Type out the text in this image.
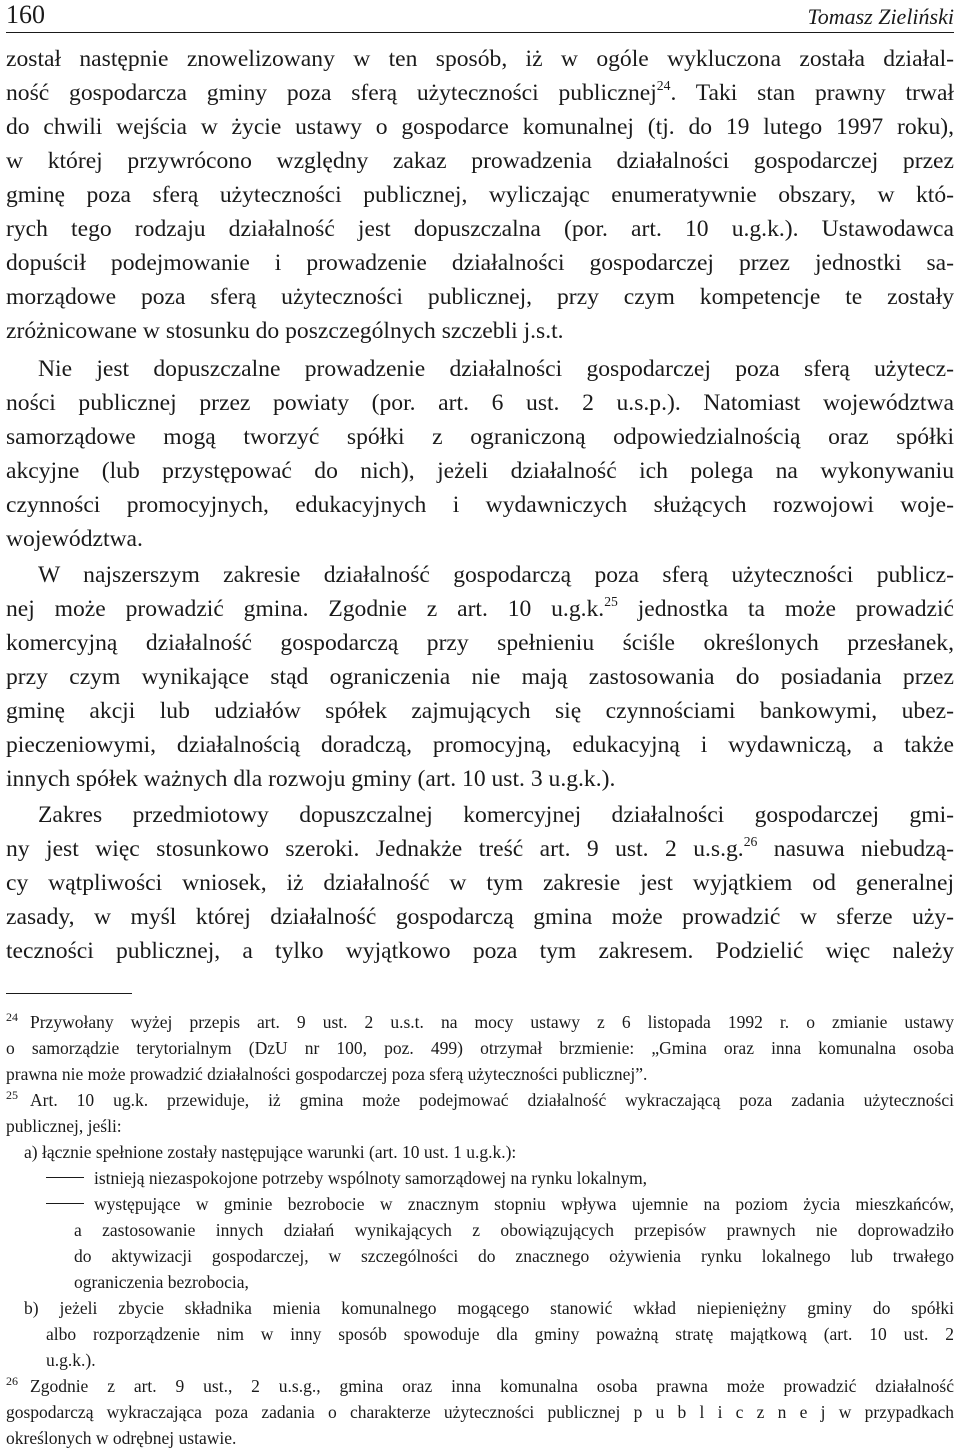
160	Tomasz Zieliński
został następnie znowelizowany w ten sposób, iż w ogóle wykluczona została działal-
ność gospodarcza gminy poza sferą użyteczności publicznej$^{24}$. Taki stan prawny trwał
do chwili wejścia w życie ustawy o gospodarce komunalnej (tj. do 19 lutego 1997 roku),
w której przywrócono względny zakaz prowadzenia działalności gospodarczej przez
gminę poza sferą użyteczności publicznej, wyliczając enumeratywnie obszary, w któ-
rych tego rodzaju działalność jest dopuszczalna (por. art. 10 u.g.k.). Ustawodawca
dopuścił podejmowanie i prowadzenie działalności gospodarczej przez jednostki sa-
morządowe poza sferą użyteczności publicznej, przy czym kompetencje te zostały
zróżnicowane w stosunku do poszczególnych szczebli j.s.t.
Nie jest dopuszczalne prowadzenie działalności gospodarczej poza sferą użytecz-
ności publicznej przez powiaty (por. art. 6 ust. 2 u.s.p.). Natomiast województwa
samorządowe mogą tworzyć spółki z ograniczoną odpowiedzialnością oraz spółki
akcyjne (lub przystępować do nich), jeżeli działalność ich polega na wykonywaniu
czynności promocyjnych, edukacyjnych i wydawniczych służących rozwojowi woje-
województwa.
W najszerszym zakresie działalność gospodarczą poza sferą użyteczności publicz-
nej może prowadzić gmina. Zgodnie z art. 10 u.g.k.$^{25}$ jednostka ta może prowadzić
komercyjną działalność gospodarczą przy spełnieniu ściśle określonych przesłanek,
przy czym wynikające stąd ograniczenia nie mają zastosowania do posiadania przez
gminę akcji lub udziałów spółek zajmujących się czynnościami bankowymi, ubez-
pieczeniowymi, działalnością doradczą, promocyjną, edukacyjną i wydawniczą, a także
innych spółek ważnych dla rozwoju gminy (art. 10 ust. 3 u.g.k.).
Zakres przedmiotowy dopuszczalnej komercyjnej działalności gospodarczej gmi-
ny jest więc stosunkowo szeroki. Jednakże treść art. 9 ust. 2 u.s.g.$^{26}$ nasuwa niebudzą-
cy wątpliwości wniosek, iż działalność w tym zakresie jest wyjątkiem od generalnej
zasady, w myśl której działalność gospodarczą gmina może prowadzić w sferze uży-
teczności publicznej, a tylko wyjątkowo poza tym zakresem. Podzielić więc należy
24 Przywołany wyżej przepis art. 9 ust. 2 u.s.t. na mocy ustawy z 6 listopada 1992 r. o zmianie ustawy
o samorządzie terytorialnym (DzU nr 100, poz. 499) otrzymał brzmienie: „Gmina oraz inna komunalna osoba
prawna nie może prowadzić działalności gospodarczej poza sferą użyteczności publicznej”.
25 Art. 10 ug.k. przewiduje, iż gmina może podejmować działalność wykraczającą poza zadania użyteczności
publicznej, jeśli:
a) łącznie spełnione zostały następujące warunki (art. 10 ust. 1 u.g.k.):
istnieją niezaspokojone potrzeby wspólnoty samorządowej na rynku lokalnym,
występujące w gminie bezrobocie w znacznym stopniu wpływa ujemnie na poziom życia mieszkańców,
a zastosowanie innych działań wynikających z obowiązujących przepisów prawnych nie doprowadziło
do aktywizacji gospodarczej, w szczególności do znacznego ożywienia rynku lokalnego lub trwałego
ograniczenia bezrobocia,
b) jeżeli zbycie składnika mienia komunalnego mogącego stanowić wkład niepieniężny gminy do spółki
albo rozporządzenie nim w inny sposób spowoduje dla gminy poważną stratę majątkową (art. 10 ust. 2
u.g.k.).
26 Zgodnie z art. 9 ust., 2 u.s.g., gmina oraz inna komunalna osoba prawna może prowadzić działalność
gospodarczą wykraczająca poza zadania o charakterze użyteczności publicznej p u b l i c z n e j w przypadkach
określonych w odrębnej ustawie.
